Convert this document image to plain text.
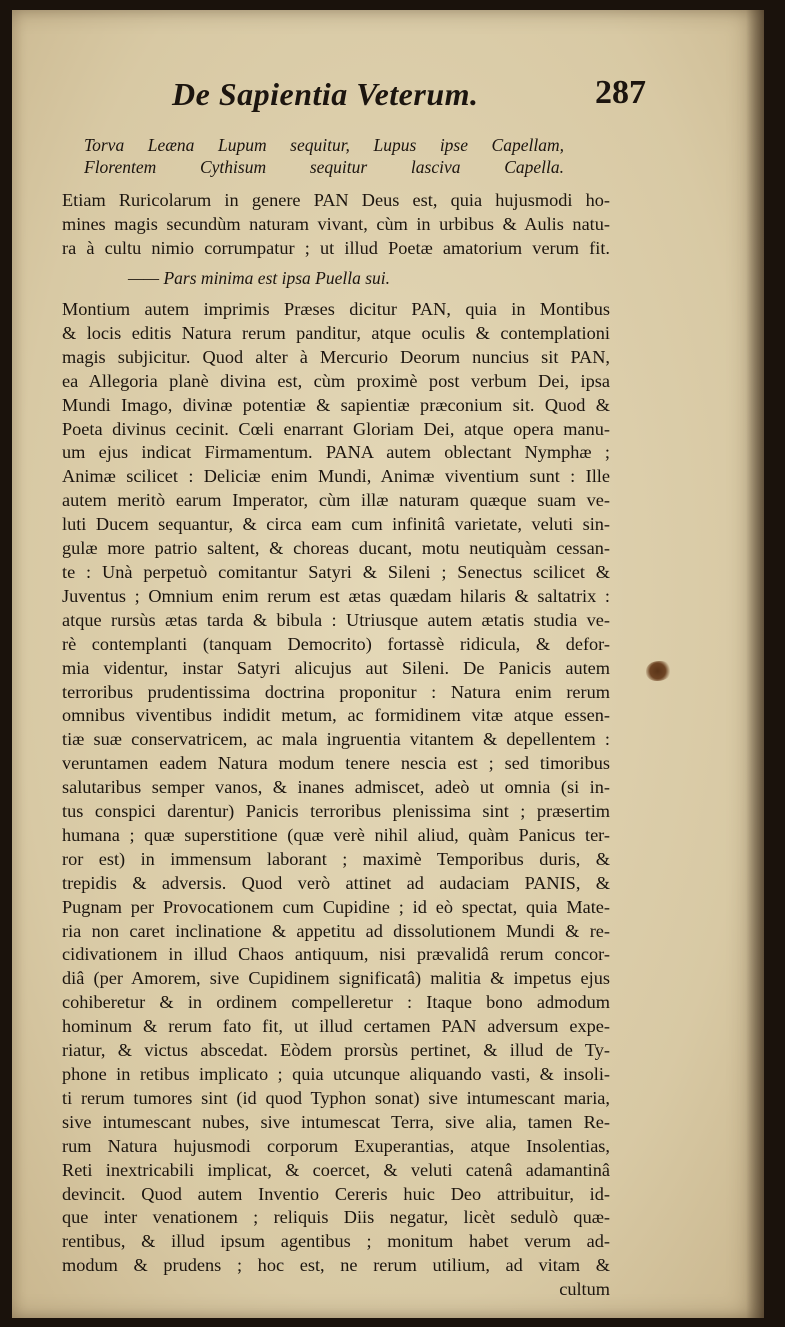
De Sapientia Veterum.	287
Torva Leæna Lupum sequitur, Lupus ipse Capellam,
Florentem Cythisum sequitur lasciva Capella.
Etiam Ruricolarum in genere PAN Deus est, quia hujusmodi ho-
mines magis secundùm naturam vivant, cùm in urbibus & Aulis natu-
ra à cultu nimio corrumpatur ; ut illud Poetæ amatorium verum fit.
—— Pars minima est ipsa Puella sui.
Montium autem imprimis Præses dicitur PAN, quia in Montibus
& locis editis Natura rerum panditur, atque oculis & contemplationi
magis subjicitur. Quod alter à Mercurio Deorum nuncius sit PAN,
ea Allegoria planè divina est, cùm proximè post verbum Dei, ipsa
Mundi Imago, divinæ potentiæ & sapientiæ præconium sit. Quod &
Poeta divinus cecinit. Cœli enarrant Gloriam Dei, atque opera manu-
um ejus indicat Firmamentum. PANA autem oblectant Nymphæ ;
Animæ scilicet : Deliciæ enim Mundi, Animæ viventium sunt : Ille
autem meritò earum Imperator, cùm illæ naturam quæque suam ve-
luti Ducem sequantur, & circa eam cum infinitâ varietate, veluti sin-
gulæ more patrio saltent, & choreas ducant, motu neutiquàm cessan-
te : Unà perpetuò comitantur Satyri & Sileni ; Senectus scilicet &
Juventus ; Omnium enim rerum est ætas quædam hilaris & saltatrix :
atque rursùs ætas tarda & bibula : Utriusque autem ætatis studia ve-
rè contemplanti (tanquam Democrito) fortassè ridicula, & defor-
mia videntur, instar Satyri alicujus aut Sileni. De Panicis autem
terroribus prudentissima doctrina proponitur : Natura enim rerum
omnibus viventibus indidit metum, ac formidinem vitæ atque essen-
tiæ suæ conservatricem, ac mala ingruentia vitantem & depellentem :
veruntamen eadem Natura modum tenere nescia est ; sed timoribus
salutaribus semper vanos, & inanes admiscet, adeò ut omnia (si in-
tus conspici darentur) Panicis terroribus plenissima sint ; præsertim
humana ; quæ superstitione (quæ verè nihil aliud, quàm Panicus ter-
ror est) in immensum laborant ; maximè Temporibus duris, &
trepidis & adversis. Quod verò attinet ad audaciam PANIS, &
Pugnam per Provocationem cum Cupidine ; id eò spectat, quia Mate-
ria non caret inclinatione & appetitu ad dissolutionem Mundi & re-
cidivationem in illud Chaos antiquum, nisi prævalidâ rerum concor-
diâ (per Amorem, sive Cupidinem significatâ) malitia & impetus ejus
cohiberetur & in ordinem compelleretur : Itaque bono admodum
hominum & rerum fato fit, ut illud certamen PAN adversum expe-
riatur, & victus abscedat. Eòdem prorsùs pertinet, & illud de Ty-
phone in retibus implicato ; quia utcunque aliquando vasti, & insoli-
ti rerum tumores sint (id quod Typhon sonat) sive intumescant maria,
sive intumescant nubes, sive intumescat Terra, sive alia, tamen Re-
rum Natura hujusmodi corporum Exuperantias, atque Insolentias,
Reti inextricabili implicat, & coercet, & veluti catenâ adamantinâ
devincit. Quod autem Inventio Cereris huic Deo attribuitur, id-
que inter venationem ; reliquis Diis negatur, licèt sedulò quæ-
rentibus, & illud ipsum agentibus ; monitum habet verum ad-
modum & prudens ; hoc est, ne rerum utilium, ad vitam &
cultum
